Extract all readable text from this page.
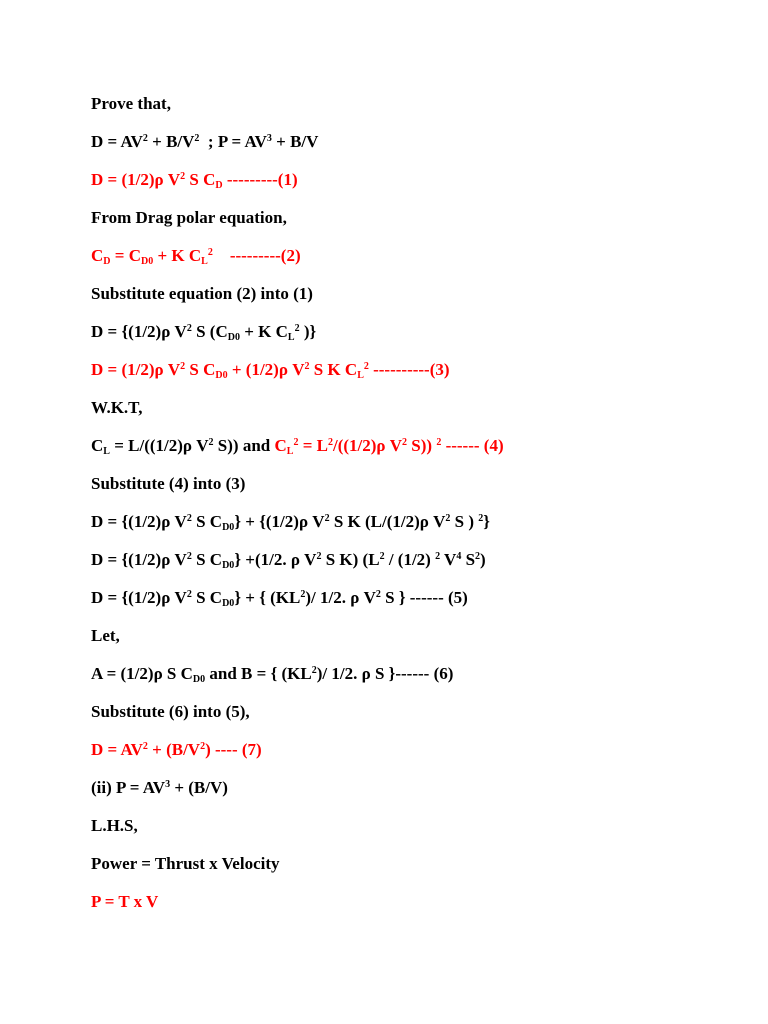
Prove that,
$D = AV^2 + B/V^2$  ; $P = AV^3 + B/V$
D = (1/2)ρ $V^2$ S $C_D$ ---------(1)
From Drag polar equation,
$C_D = C_{D0} + K$ $C_L^2$    ---------(2)
Substitute equation (2) into (1)
D = {(1/2)ρ $V^2$ S ($C_{D0} + K$ $C_L^2$ )}
D = (1/2)ρ $V^2$ S $C_{D0} + (1/2)\rho$ $V^2$ S K $C_L^2$ ----------(3)
W.K.T,
$C_L = L/((1/2)\rho$ $V^2$ S)) and $C_L^2 = L^2/((1/2)\rho$ $V^2$ S)) $^2$ ------ (4)
Substitute (4) into (3)
D = {(1/2)ρ $V^2$ S $C_{D0}\} + \{(1/2)\rho$ $V^2$ S K (L/(1/2)ρ $V^2$ S ) $^2$}
D = {(1/2)ρ $V^2$ S $C_{D0}\} +(1/2$. ρ $V^2$ S K) ($L^2 / (1/2)$ $^2$ $V^4$ $S^2$)
D = {(1/2)ρ $V^2$ S $C_{D0}$} + { $(KL^2)/$ 1/2. ρ $V^2$ S } ------ (5)
Let,
A = (1/2)ρ S $C_{D0}$ and B = { $(KL^2)/$ 1/2. ρ S }------ (6)
Substitute (6) into (5),
$D = AV^2 + (B/V^2)$ ---- (7)
(ii) $P = AV^3 + (B/V)$
L.H.S,
Power = Thrust x Velocity
P = T x V
